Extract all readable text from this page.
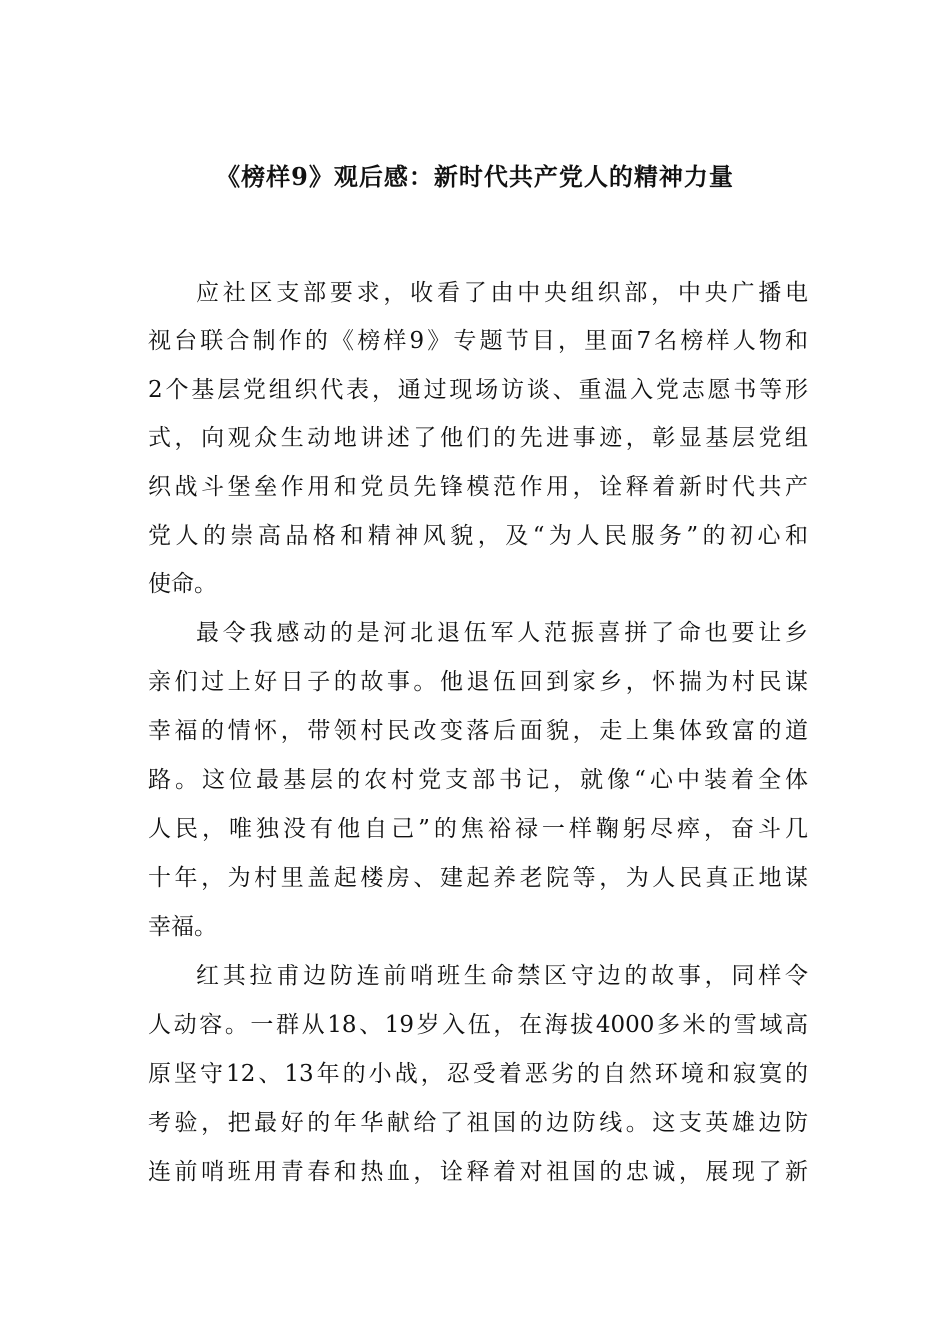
《榜样9》观后感：新时代共产党人的精神力量
应社区支部要求，收看了由中央组织部，中央广播电
视台联合制作的《榜样9》专题节目，里面7名榜样人物和
2个基层党组织代表，通过现场访谈、重温入党志愿书等形
式，向观众生动地讲述了他们的先进事迹，彰显基层党组
织战斗堡垒作用和党员先锋模范作用，诠释着新时代共产
党人的崇高品格和精神风貌，及“为人民服务”的初心和
使命。
最令我感动的是河北退伍军人范振喜拼了命也要让乡
亲们过上好日子的故事。他退伍回到家乡，怀揣为村民谋
幸福的情怀，带领村民改变落后面貌，走上集体致富的道
路。这位最基层的农村党支部书记，就像“心中装着全体
人民，唯独没有他自己”的焦裕禄一样鞠躬尽瘁，奋斗几
十年，为村里盖起楼房、建起养老院等，为人民真正地谋
幸福。
红其拉甫边防连前哨班生命禁区守边的故事，同样令
人动容。一群从18、19岁入伍，在海拔4000多米的雪域高
原坚守12、13年的小战，忍受着恶劣的自然环境和寂寞的
考验，把最好的年华献给了祖国的边防线。这支英雄边防
连前哨班用青春和热血，诠释着对祖国的忠诚，展现了新
